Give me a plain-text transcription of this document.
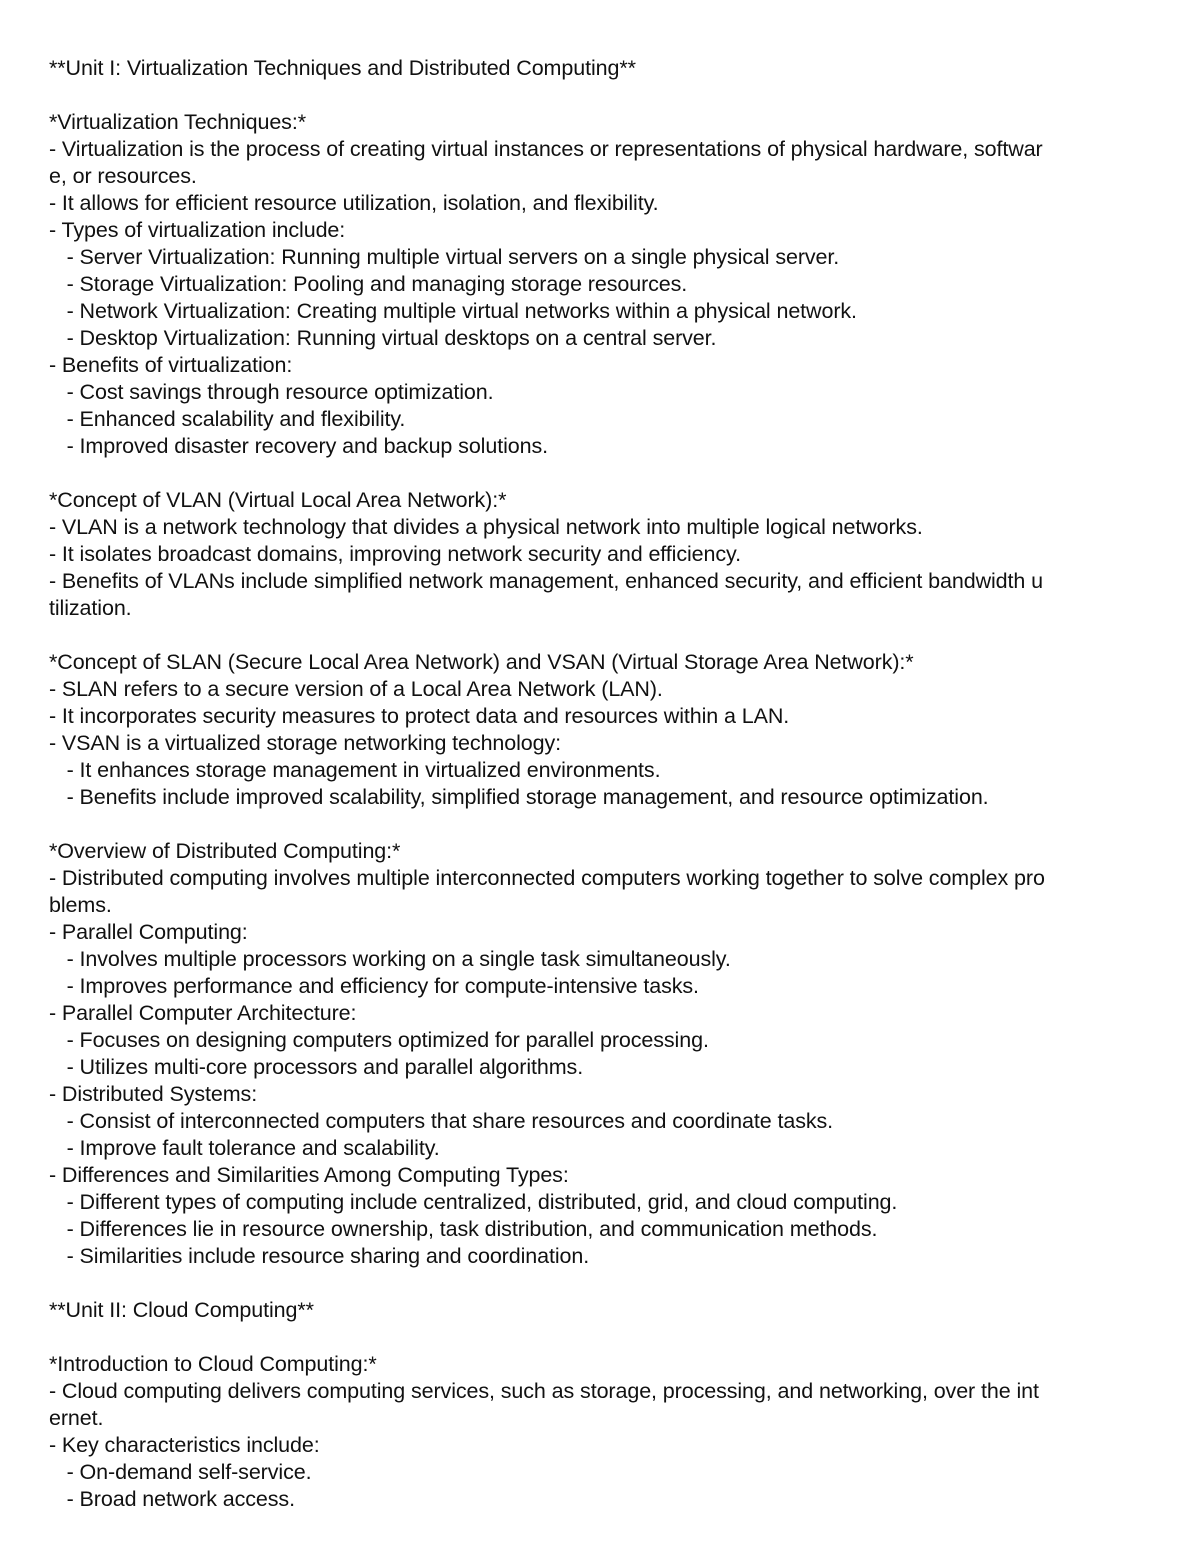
**Unit I: Virtualization Techniques and Distributed Computing**
*Virtualization Techniques:*
- Virtualization is the process of creating virtual instances or representations of physical hardware, softwar
e, or resources.
- It allows for efficient resource utilization, isolation, and flexibility.
- Types of virtualization include:
- Server Virtualization: Running multiple virtual servers on a single physical server.
- Storage Virtualization: Pooling and managing storage resources.
- Network Virtualization: Creating multiple virtual networks within a physical network.
- Desktop Virtualization: Running virtual desktops on a central server.
- Benefits of virtualization:
- Cost savings through resource optimization.
- Enhanced scalability and flexibility.
- Improved disaster recovery and backup solutions.
*Concept of VLAN (Virtual Local Area Network):*
- VLAN is a network technology that divides a physical network into multiple logical networks.
- It isolates broadcast domains, improving network security and efficiency.
- Benefits of VLANs include simplified network management, enhanced security, and efficient bandwidth u
tilization.
*Concept of SLAN (Secure Local Area Network) and VSAN (Virtual Storage Area Network):*
- SLAN refers to a secure version of a Local Area Network (LAN).
- It incorporates security measures to protect data and resources within a LAN.
- VSAN is a virtualized storage networking technology:
- It enhances storage management in virtualized environments.
- Benefits include improved scalability, simplified storage management, and resource optimization.
*Overview of Distributed Computing:*
- Distributed computing involves multiple interconnected computers working together to solve complex pro
blems.
- Parallel Computing:
- Involves multiple processors working on a single task simultaneously.
- Improves performance and efficiency for compute-intensive tasks.
- Parallel Computer Architecture:
- Focuses on designing computers optimized for parallel processing.
- Utilizes multi-core processors and parallel algorithms.
- Distributed Systems:
- Consist of interconnected computers that share resources and coordinate tasks.
- Improve fault tolerance and scalability.
- Differences and Similarities Among Computing Types:
- Different types of computing include centralized, distributed, grid, and cloud computing.
- Differences lie in resource ownership, task distribution, and communication methods.
- Similarities include resource sharing and coordination.
**Unit II: Cloud Computing**
*Introduction to Cloud Computing:*
- Cloud computing delivers computing services, such as storage, processing, and networking, over the int
ernet.
- Key characteristics include:
- On-demand self-service.
- Broad network access.
